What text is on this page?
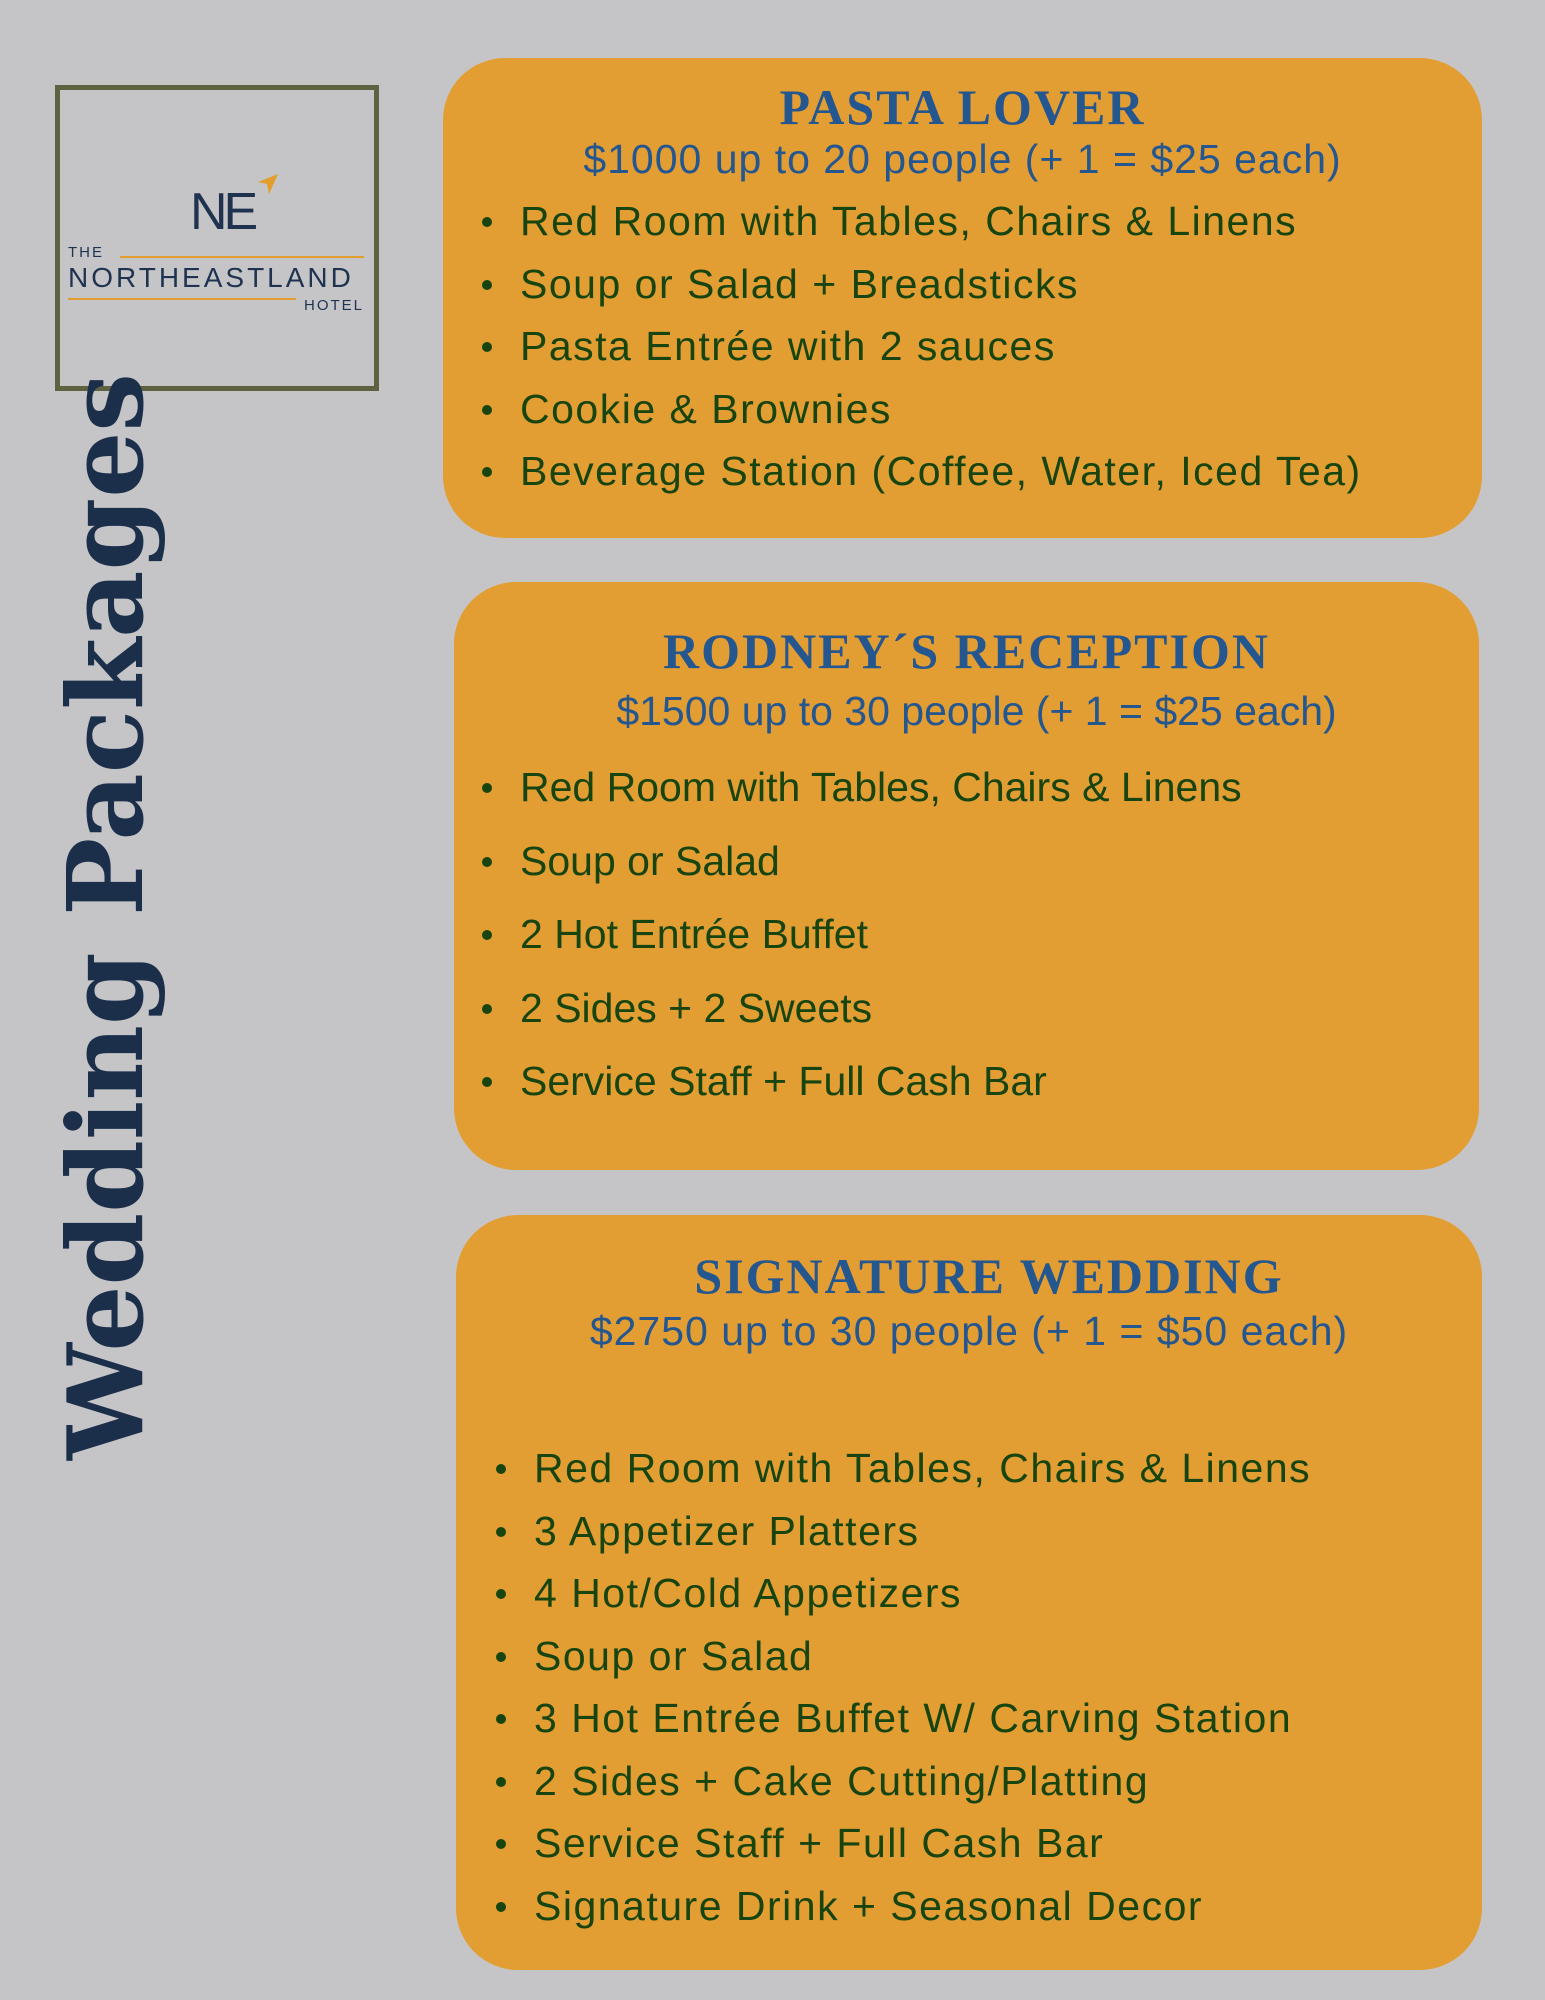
NE
THE
NORTHEASTLAND
HOTEL
Wedding Packages
PASTA LOVER
$1000 up to 20 people (+ 1 = $25 each)
Red Room with Tables, Chairs & Linens
Soup or Salad + Breadsticks
Pasta Entrée with 2 sauces
Cookie & Brownies
Beverage Station (Coffee, Water, Iced Tea)
RODNEY´S RECEPTION
$1500 up to 30 people (+ 1 = $25 each)
Red Room with Tables, Chairs & Linens
Soup or Salad
2 Hot Entrée Buffet
2 Sides + 2 Sweets
Service Staff + Full Cash Bar
SIGNATURE WEDDING
$2750 up to 30 people (+ 1 = $50 each)
Red Room with Tables, Chairs & Linens
3 Appetizer Platters
4 Hot/Cold Appetizers
Soup or Salad
3 Hot Entrée Buffet W/ Carving Station
2 Sides + Cake Cutting/Platting
Service Staff + Full Cash Bar
Signature Drink + Seasonal Decor
